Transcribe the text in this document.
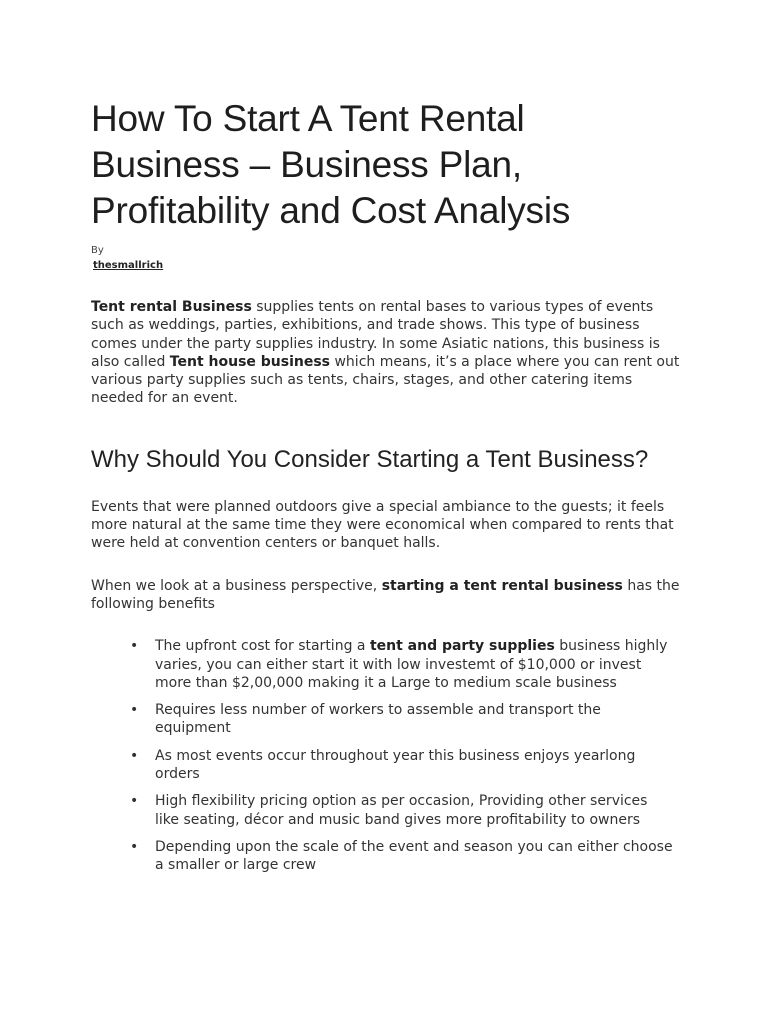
How To Start A Tent Rental Business – Business Plan, Profitability and Cost Analysis
By
thesmallrich

Tent rental Business supplies tents on rental bases to various types of events such as weddings, parties, exhibitions, and trade shows. This type of business comes under the party supplies industry. In some Asiatic nations, this business is also called Tent house business which means, it’s a place where you can rent out various party supplies such as tents, chairs, stages, and other catering items needed for an event.

Why Should You Consider Starting a Tent Business?

Events that were planned outdoors give a special ambiance to the guests; it feels more natural at the same time they were economical when compared to rents that were held at convention centers or banquet halls.

When we look at a business perspective, starting a tent rental business has the following benefits

• The upfront cost for starting a tent and party supplies business highly varies, you can either start it with low investemt of $10,000 or invest more than $2,00,000 making it a Large to medium scale business
• Requires less number of workers to assemble and transport the equipment
• As most events occur throughout year this business enjoys yearlong orders
• High flexibility pricing option as per occasion, Providing other services like seating, décor and music band gives more profitability to owners
• Depending upon the scale of the event and season you can either choose a smaller or large crew
